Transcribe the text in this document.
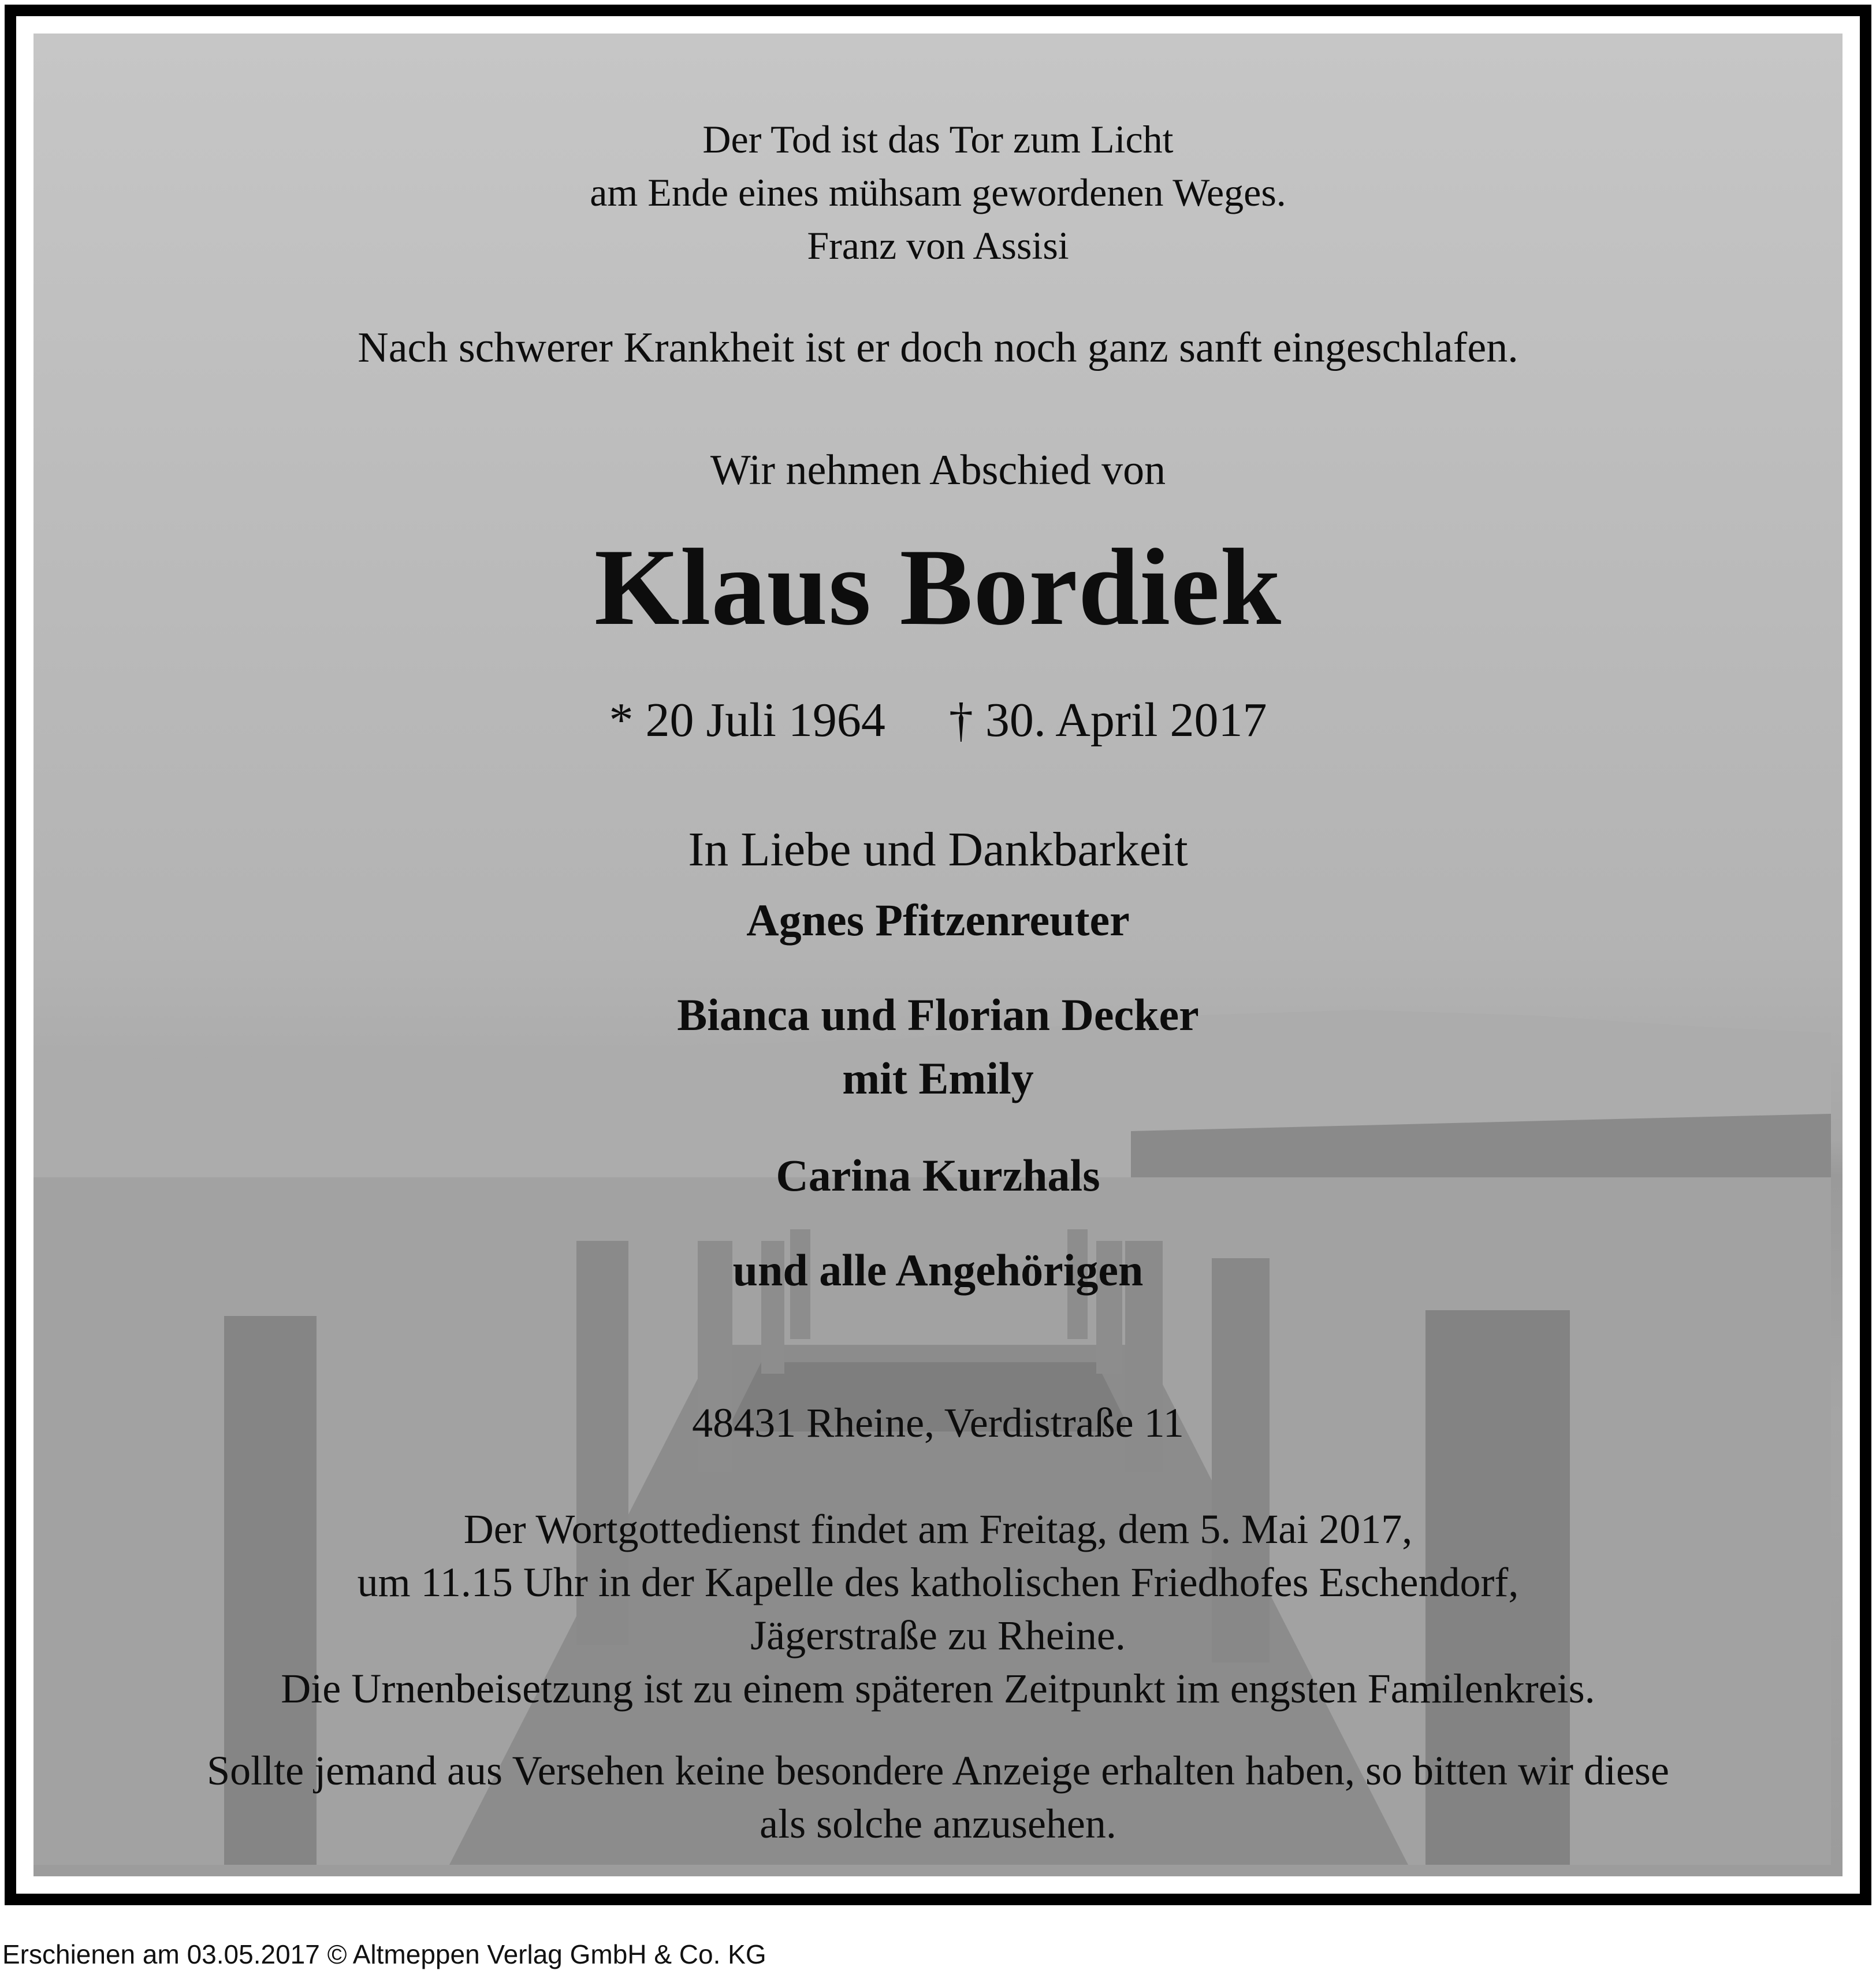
Der Tod ist das Tor zum Licht

am Ende eines mühsam gewordenen Weges.

Franz von Assisi

Nach schwerer Krankheit ist er doch noch ganz sanft eingeschlafen.

Wir nehmen Abschied von

Klaus Bordiek

* 20 Juli 1964 † 30. April 2017

In Liebe und Dankbarkeit

Agnes Pfitzenreuter

Bianca und Florian Decker

mit Emily

Carina Kurzhals

und alle Angehörigen

48431 Rheine, Verdistraße 11

Der Wortgottedienst findet am Freitag, dem 5. Mai 2017,

um 11.15 Uhr in der Kapelle des katholischen Friedhofes Eschendorf,

Jägerstraße zu Rheine.

Die Urnenbeisetzung ist zu einem späteren Zeitpunkt im engsten Familenkreis.

Sollte jemand aus Versehen keine besondere Anzeige erhalten haben, so bitten wir diese

als solche anzusehen.

Erschienen am 03.05.2017 © Altmeppen Verlag GmbH & Co. KG
